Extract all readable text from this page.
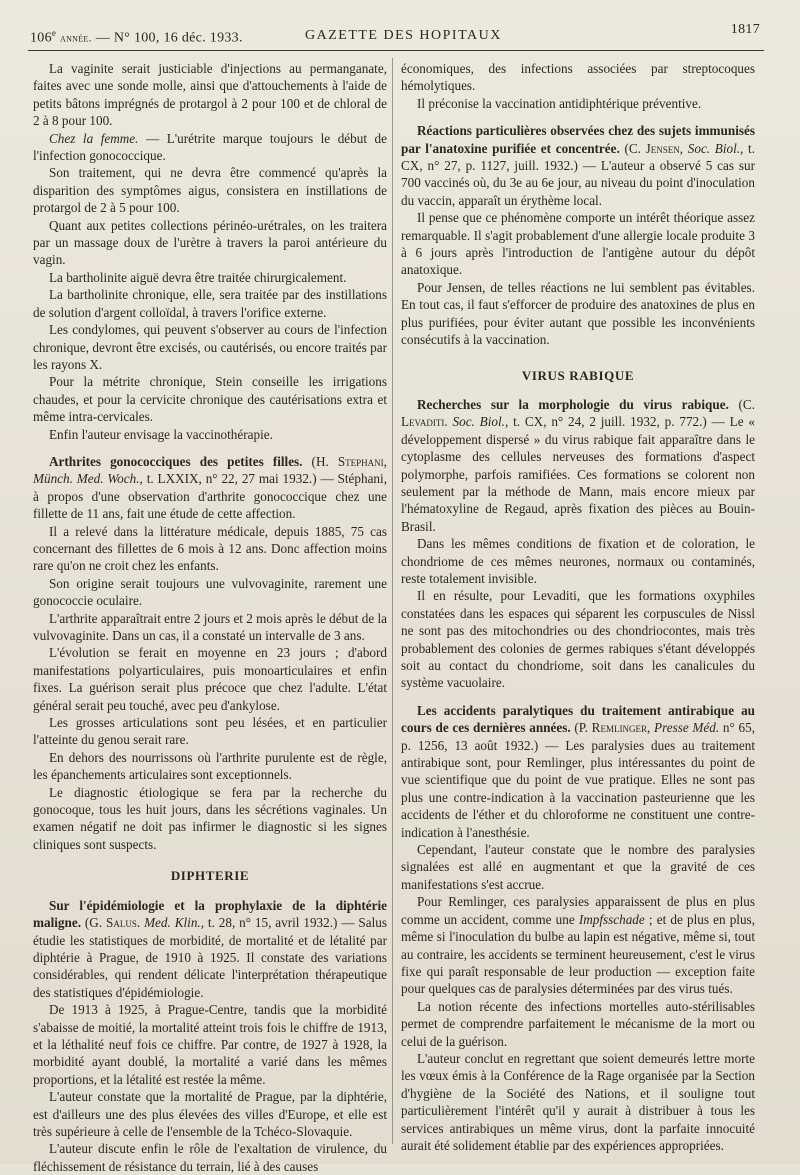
106e année. — N° 100, 16 déc. 1933.	GAZETTE DES HOPITAUX	1817

La vaginite serait justiciable d'injections au permanganate, faites avec une sonde molle, ainsi que d'attouchements à l'aide de petits bâtons imprégnés de protargol à 2 pour 100 et de chloral de 2 à 8 pour 100.

Chez la femme. — L'urétrite marque toujours le début de l'infection gonococcique.

Son traitement, qui ne devra être commencé qu'après la disparition des symptômes aigus, consistera en instillations de protargol de 2 à 5 pour 100.

Quant aux petites collections périnéo-urétrales, on les traitera par un massage doux de l'urètre à travers la paroi antérieure du vagin.

La bartholinite aiguë devra être traitée chirurgicalement.

La bartholinite chronique, elle, sera traitée par des instillations de solution d'argent colloïdal, à travers l'orifice externe.

Les condylomes, qui peuvent s'observer au cours de l'infection chronique, devront être excisés, ou cautérisés, ou encore traités par les rayons X.

Pour la métrite chronique, Stein conseille les irrigations chaudes, et pour la cervicite chronique des cautérisations extra et même intra-cervicales.

Enfin l'auteur envisage la vaccinothérapie.

Arthrites gonococciques des petites filles. (H. Stephani, Münch. Med. Woch., t. LXXIX, n° 22, 27 mai 1932.) — Stéphani, à propos d'une observation d'arthrite gonococcique chez une fillette de 11 ans, fait une étude de cette affection.

Il a relevé dans la littérature médicale, depuis 1885, 75 cas concernant des fillettes de 6 mois à 12 ans. Donc affection moins rare qu'on ne croit chez les enfants.

Son origine serait toujours une vulvovaginite, rarement une gonococcie oculaire.

L'arthrite apparaîtrait entre 2 jours et 2 mois après le début de la vulvovaginite. Dans un cas, il a constaté un intervalle de 3 ans.

L'évolution se ferait en moyenne en 23 jours ; d'abord manifestations polyarticulaires, puis monoarticulaires et enfin fixes. La guérison serait plus précoce que chez l'adulte. L'état général serait peu touché, avec peu d'ankylose.

Les grosses articulations sont peu lésées, et en particulier l'atteinte du genou serait rare.

En dehors des nourrissons où l'arthrite purulente est de règle, les épanchements articulaires sont exceptionnels.

Le diagnostic étiologique se fera par la recherche du gonocoque, tous les huit jours, dans les sécrétions vaginales. Un examen négatif ne doit pas infirmer le diagnostic si les signes cliniques sont suspects.

DIPHTERIE

Sur l'épidémiologie et la prophylaxie de la diphtérie maligne. (G. Salus. Med. Klin., t. 28, n° 15, avril 1932.) — Salus étudie les statistiques de morbidité, de mortalité et de létalité par diphtérie à Prague, de 1910 à 1925. Il constate des variations considérables, qui rendent délicate l'interprétation thérapeutique des statistiques d'épidémiologie.

De 1913 à 1925, à Prague-Centre, tandis que la morbidité s'abaisse de moitié, la mortalité atteint trois fois le chiffre de 1913, et la léthalité neuf fois ce chiffre. Par contre, de 1927 à 1928, la morbidité ayant doublé, la mortalité a varié dans les mêmes proportions, et la létalité est restée la même.

L'auteur constate que la mortalité de Prague, par la diphtérie, est d'ailleurs une des plus élevées des villes d'Europe, et elle est très supérieure à celle de l'ensemble de la Tchéco-Slovaquie.

L'auteur discute enfin le rôle de l'exaltation de virulence, du fléchissement de résistance du terrain, lié à des causes

économiques, des infections associées par streptocoques hémolytiques.

Il préconise la vaccination antidiphtérique préventive.

Réactions particulières observées chez des sujets immunisés par l'anatoxine purifiée et concentrée. (C. Jensen, Soc. Biol., t. CX, n° 27, p. 1127, juill. 1932.) — L'auteur a observé 5 cas sur 700 vaccinés où, du 3e au 6e jour, au niveau du point d'inoculation du vaccin, apparaît un érythème local.

Il pense que ce phénomène comporte un intérêt théorique assez remarquable. Il s'agit probablement d'une allergie locale produite 3 à 6 jours après l'introduction de l'antigène autour du dépôt anatoxique.

Pour Jensen, de telles réactions ne lui semblent pas évitables. En tout cas, il faut s'efforcer de produire des anatoxines de plus en plus purifiées, pour éviter autant que possible les inconvénients consécutifs à la vaccination.

VIRUS RABIQUE

Recherches sur la morphologie du virus rabique. (C. Levaditi. Soc. Biol., t. CX, n° 24, 2 juill. 1932, p. 772.) — Le « développement dispersé » du virus rabique fait apparaître dans le cytoplasme des cellules nerveuses des formations d'aspect polymorphe, parfois ramifiées. Ces formations se colorent non seulement par la méthode de Mann, mais encore mieux par l'hématoxyline de Regaud, après fixation des pièces au Bouin-Brasil.

Dans les mêmes conditions de fixation et de coloration, le chondriome de ces mêmes neurones, normaux ou contaminés, reste totalement invisible.

Il en résulte, pour Levaditi, que les formations oxyphiles constatées dans les espaces qui séparent les corpuscules de Nissl ne sont pas des mitochondries ou des chondriocontes, mais très probablement des colonies de germes rabiques s'étant développés soit au contact du chondriome, soit dans les canalicules du système vacuolaire.

Les accidents paralytiques du traitement antirabique au cours de ces dernières années. (P. Remlinger, Presse Méd. n° 65, p. 1256, 13 août 1932.) — Les paralysies dues au traitement antirabique sont, pour Remlinger, plus intéressantes du point de vue scientifique que du point de vue pratique. Elles ne sont pas plus une contre-indication à la vaccination pasteurienne que les accidents de l'éther et du chloroforme ne constituent une contre-indication à l'anesthésie.

Cependant, l'auteur constate que le nombre des paralysies signalées est allé en augmentant et que la gravité de ces manifestations s'est accrue.

Pour Remlinger, ces paralysies apparaissent de plus en plus comme un accident, comme une Impfsschade ; et de plus en plus, même si l'inoculation du bulbe au lapin est négative, même si, tout au contraire, les accidents se terminent heureusement, c'est le virus fixe qui paraît responsable de leur production — exception faite pour quelques cas de paralysies déterminées par des virus tués.

La notion récente des infections mortelles auto-stérilisables permet de comprendre parfaitement le mécanisme de la mort ou celui de la guérison.

L'auteur conclut en regrettant que soient demeurés lettre morte les vœux émis à la Conférence de la Rage organisée par la Section d'hygiène de la Société des Nations, et il souligne tout particulièrement l'intérêt qu'il y aurait à distribuer à tous les services antirabiques un même virus, dont la parfaite innocuité aurait été solidement établie par des expériences appropriées.
